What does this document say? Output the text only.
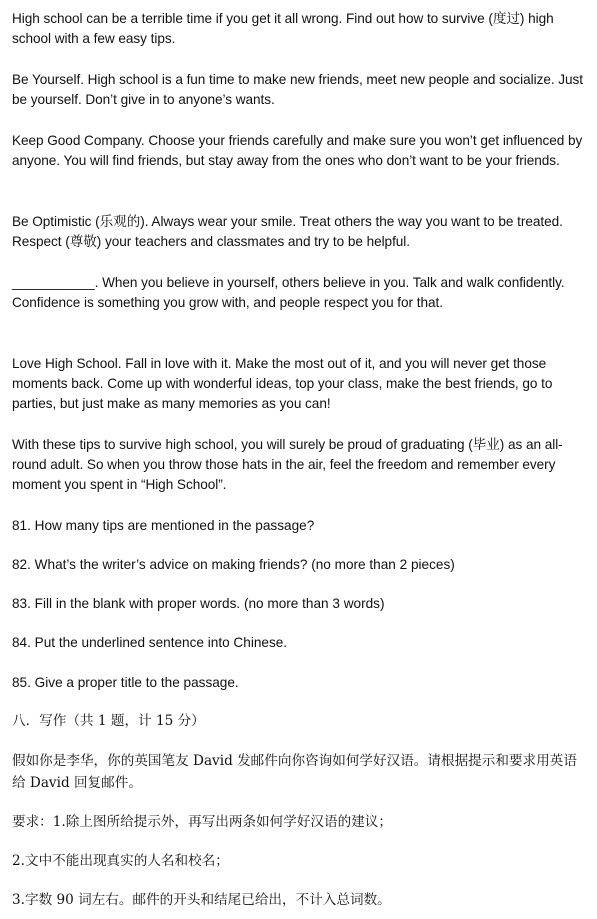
High school can be a terrible time if you get it all wrong. Find out how to survive (度过) high school with a few easy tips.

Be Yourself. High school is a fun time to make new friends, meet new people and socialize. Just be yourself. Don’t give in to anyone’s wants.

Keep Good Company. Choose your friends carefully and make sure you won’t get influenced by anyone. You will find friends, but stay away from the ones who don’t want to be your friends.

Be Optimistic (乐观的). Always wear your smile. Treat others the way you want to be treated. Respect (尊敬) your teachers and classmates and try to be helpful.

___________. When you believe in yourself, others believe in you. Talk and walk confidently. Confidence is something you grow with, and people respect you for that.

Love High School. Fall in love with it. Make the most out of it, and you will never get those moments back. Come up with wonderful ideas, top your class, make the best friends, go to parties, but just make as many memories as you can!

With these tips to survive high school, you will surely be proud of graduating (毕业) as an all-round adult. So when you throw those hats in the air, feel the freedom and remember every moment you spent in “High School”.

81. How many tips are mentioned in the passage?

82. What’s the writer’s advice on making friends? (no more than 2 pieces)

83. Fill in the blank with proper words. (no more than 3 words)

84. Put the underlined sentence into Chinese.

85. Give a proper title to the passage.

八．写作（共 1 题，计 15 分）

假如你是李华，你的英国笔友 David 发邮件向你咨询如何学好汉语。请根据提示和要求用英语给 David 回复邮件。

要求：1.除上图所给提示外，再写出两条如何学好汉语的建议；

2.文中不能出现真实的人名和校名；

3.字数 90 词左右。邮件的开头和结尾已给出，不计入总词数。
